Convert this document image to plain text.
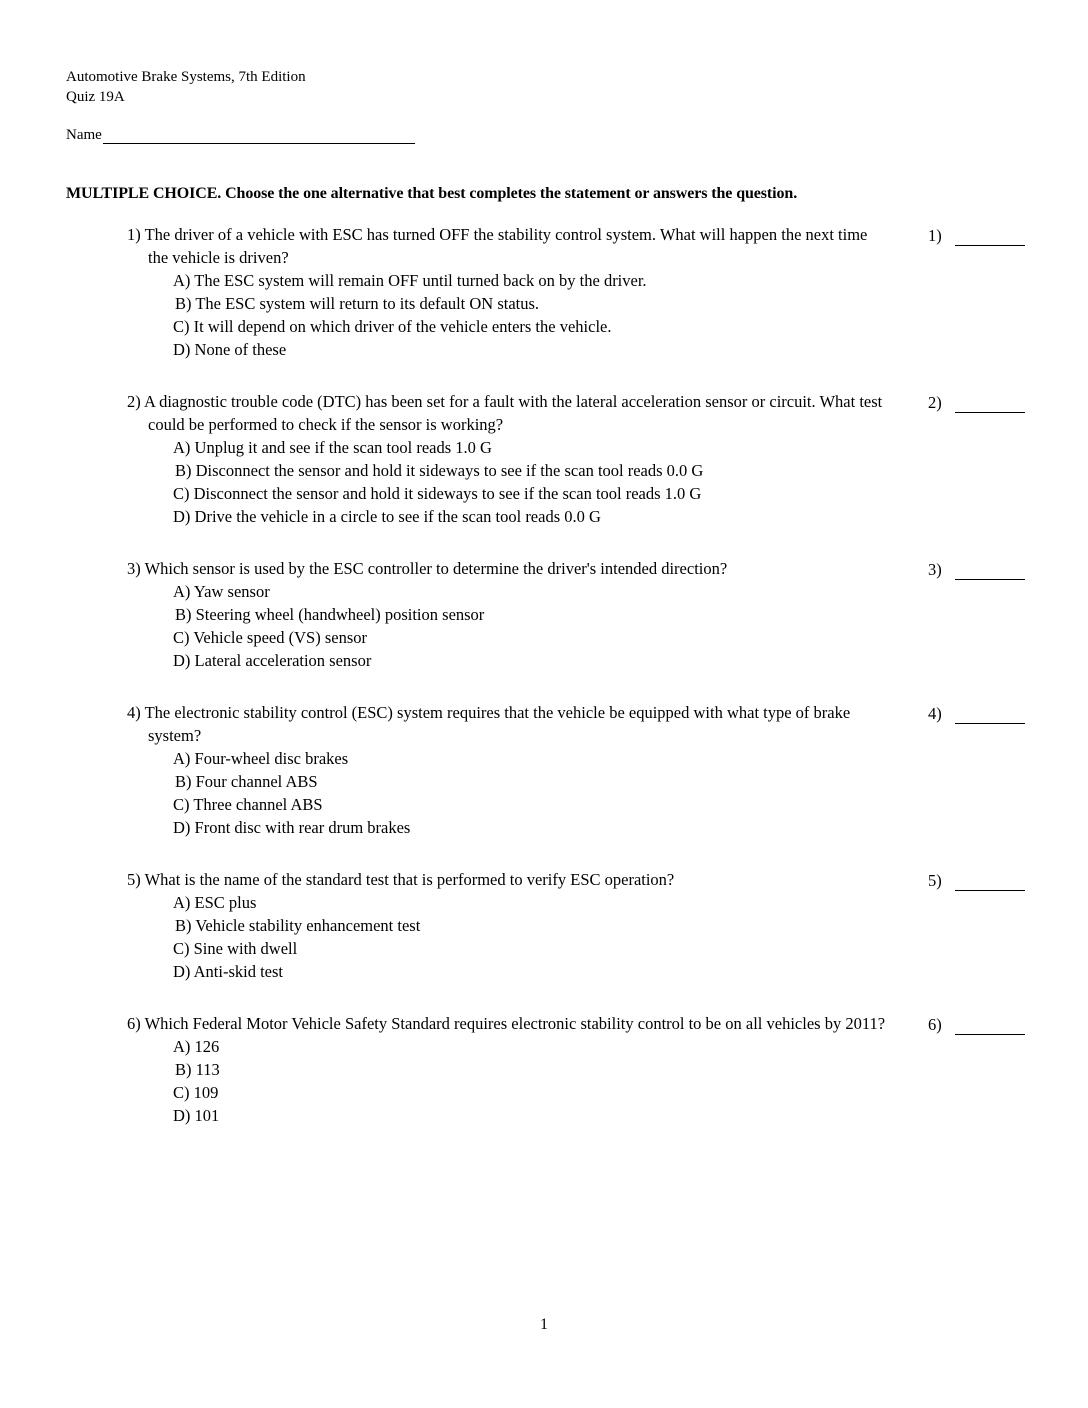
Automotive Brake Systems, 7th Edition
Quiz 19A
Name
MULTIPLE CHOICE. Choose the one alternative that best completes the statement or answers the question.
1) The driver of a vehicle with ESC has turned OFF the stability control system. What will happen the next time the vehicle is driven?
A) The ESC system will remain OFF until turned back on by the driver.
B) The ESC system will return to its default ON status.
C) It will depend on which driver of the vehicle enters the vehicle.
D) None of these
1)
2) A diagnostic trouble code (DTC) has been set for a fault with the lateral acceleration sensor or circuit. What test could be performed to check if the sensor is working?
A) Unplug it and see if the scan tool reads 1.0 G
B) Disconnect the sensor and hold it sideways to see if the scan tool reads 0.0 G
C) Disconnect the sensor and hold it sideways to see if the scan tool reads 1.0 G
D) Drive the vehicle in a circle to see if the scan tool reads 0.0 G
2)
3) Which sensor is used by the ESC controller to determine the driver's intended direction?
A) Yaw sensor
B) Steering wheel (handwheel) position sensor
C) Vehicle speed (VS) sensor
D) Lateral acceleration sensor
3)
4) The electronic stability control (ESC) system requires that the vehicle be equipped with what type of brake system?
A) Four-wheel disc brakes
B) Four channel ABS
C) Three channel ABS
D) Front disc with rear drum brakes
4)
5) What is the name of the standard test that is performed to verify ESC operation?
A) ESC plus
B) Vehicle stability enhancement test
C) Sine with dwell
D) Anti-skid test
5)
6) Which Federal Motor Vehicle Safety Standard requires electronic stability control to be on all vehicles by 2011?
A) 126
B) 113
C) 109
D) 101
6)
1
